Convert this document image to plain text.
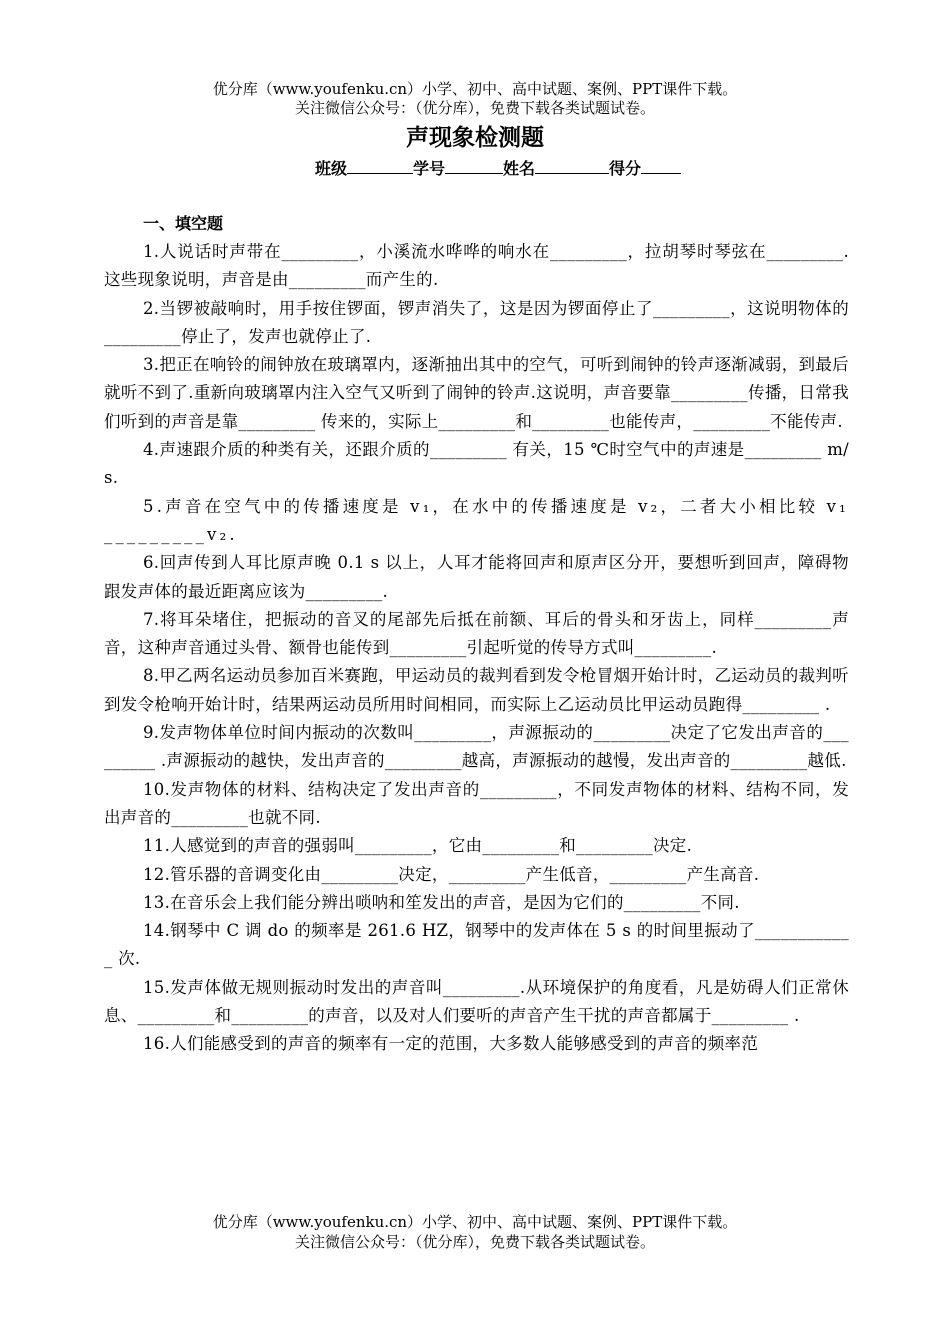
优分库（www.youfenku.cn）小学、初中、高中试题、案例、PPT课件下载。
关注微信公众号：（优分库），免费下载各类试题试卷。
声现象检测题
班级	学号	姓名	得分
一、填空题

1.人说话时声带在_________，小溪流水哗哗的响水在_________，拉胡琴时琴弦在_________.这些现象说明，声音是由_________而产生的.

2.当锣被敲响时，用手按住锣面，锣声消失了，这是因为锣面停止了_________，这说明物体的_________停止了，发声也就停止了.

3.把正在响铃的闹钟放在玻璃罩内，逐渐抽出其中的空气，可听到闹钟的铃声逐渐减弱，到最后就听不到了.重新向玻璃罩内注入空气又听到了闹钟的铃声.这说明，声音要靠_________传播，日常我们听到的声音是靠_________ 传来的，实际上_________和_________也能传声，_________不能传声.

4.声速跟介质的种类有关，还跟介质的_________ 有关，15 ℃时空气中的声速是_________ m/s.

5.声音在空气中的传播速度是 v₁，在水中的传播速度是 v₂，二者大小相比较 v₁_________v₂.

6.回声传到人耳比原声晚 0.1 s 以上，人耳才能将回声和原声区分开，要想听到回声，障碍物跟发声体的最近距离应该为_________.

7.将耳朵堵住，把振动的音叉的尾部先后抵在前额、耳后的骨头和牙齿上，同样_________声音，这种声音通过头骨、额骨也能传到_________引起听觉的传导方式叫_________.

8.甲乙两名运动员参加百米赛跑，甲运动员的裁判看到发令枪冒烟开始计时，乙运动员的裁判听到发令枪响开始计时，结果两运动员所用时间相同，而实际上乙运动员比甲运动员跑得_________ .

9.发声物体单位时间内振动的次数叫_________，声源振动的_________决定了它发出声音的_________ .声源振动的越快，发出声音的_________越高，声源振动的越慢，发出声音的_________越低.

10.发声物体的材料、结构决定了发出声音的_________，不同发声物体的材料、结构不同，发出声音的_________也就不同.

11.人感觉到的声音的强弱叫_________，它由_________和_________决定.

12.管乐器的音调变化由_________决定，_________产生低音，_________产生高音.

13.在音乐会上我们能分辨出唢呐和笙发出的声音，是因为它们的_________不同.

14.钢琴中 C 调 do 的频率是 261.6 HZ，钢琴中的发声体在 5 s 的时间里振动了____________ 次.

15.发声体做无规则振动时发出的声音叫_________.从环境保护的角度看，凡是妨碍人们正常休息、_________和_________的声音，以及对人们要听的声音产生干扰的声音都属于_________ .

16.人们能感受到的声音的频率有一定的范围，大多数人能够感受到的声音的频率范

优分库（www.youfenku.cn）小学、初中、高中试题、案例、PPT课件下载。
关注微信公众号：（优分库），免费下载各类试题试卷。
